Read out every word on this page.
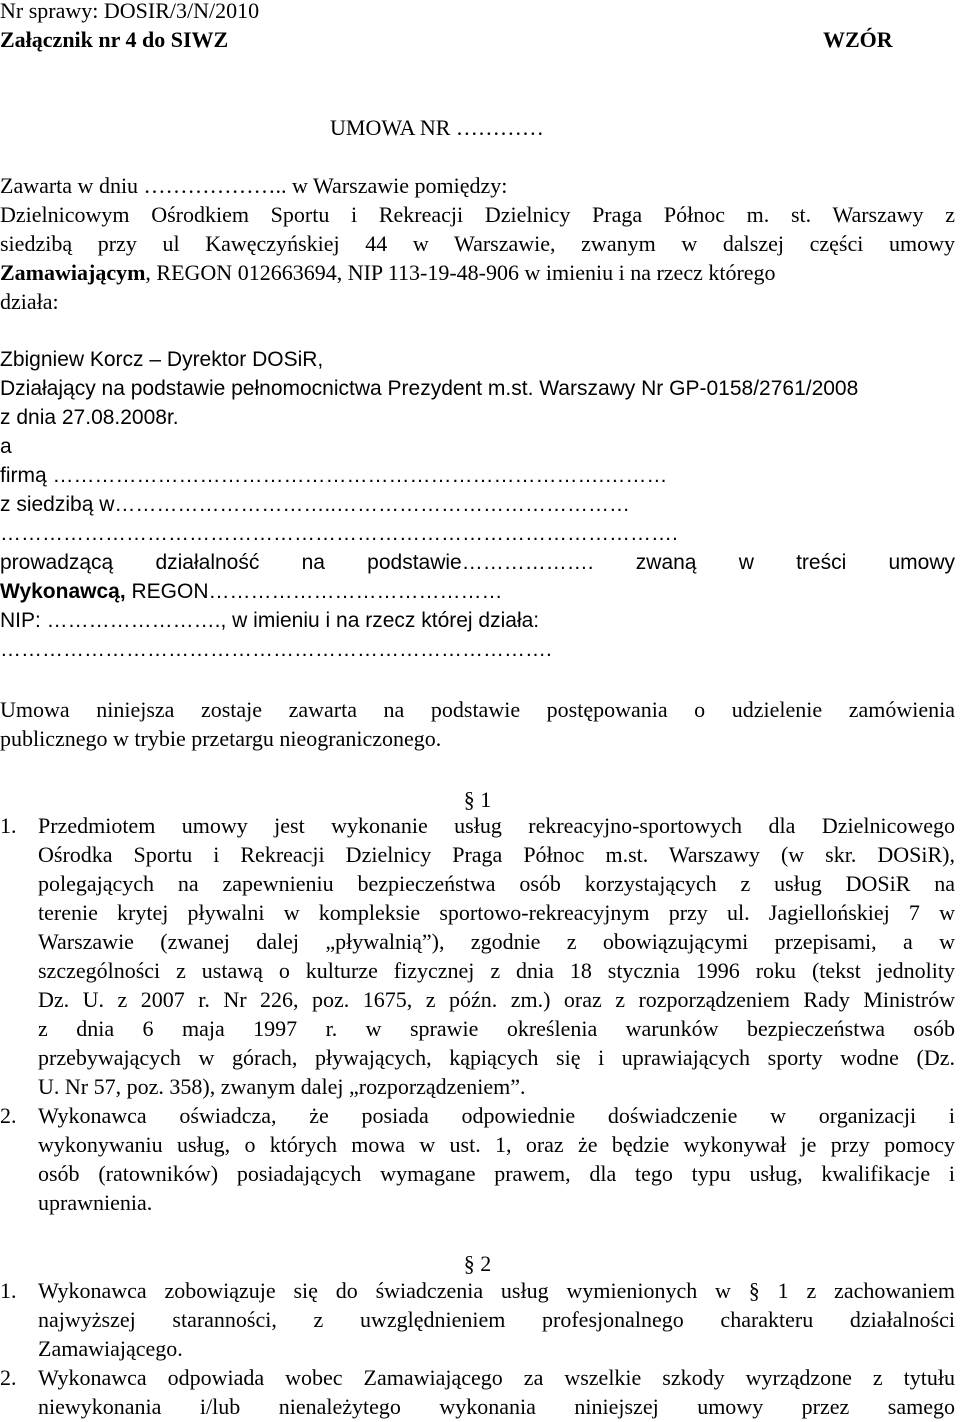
Nr sprawy: DOSIR/3/N/2010
Załącznik nr 4 do SIWZ	WZÓR
UMOWA NR …………
Zawarta w dniu ……………….. w Warszawie pomiędzy:
Dzielnicowym Ośrodkiem Sportu i Rekreacji Dzielnicy Praga Północ m. st. Warszawy z
siedzibą przy ul Kawęczyńskiej 44 w Warszawie, zwanym w dalszej części umowy
Zamawiającym, REGON 012663694, NIP 113-19-48-906 w imieniu i na rzecz którego
działa:
Zbigniew Korcz – Dyrektor DOSiR,
Działający na podstawie pełnomocnictwa Prezydent m.st. Warszawy Nr GP-0158/2761/2008
z dnia 27.08.2008r.
a
firmą …………………………………………………………………….………
z siedzibą w…………………………..……………………………………
…………………………………………………………………………………….
prowadzącą działalność na podstawie………………. zwaną w treści umowy
Wykonawcą, REGON……………………………………
NIP: ……………………., w imieniu i na rzecz której działa:
…………………………………………………………………….
Umowa niniejsza zostaje zawarta na podstawie postępowania o udzielenie zamówienia
publicznego w trybie przetargu nieograniczonego.
§ 1
1. Przedmiotem umowy jest wykonanie usług rekreacyjno-sportowych dla Dzielnicowego
Ośrodka Sportu i Rekreacji Dzielnicy Praga Północ m.st. Warszawy (w skr. DOSiR),
polegających na zapewnieniu bezpieczeństwa osób korzystających z usług DOSiR na
terenie krytej pływalni w kompleksie sportowo-rekreacyjnym przy ul. Jagiellońskiej 7 w
Warszawie (zwanej dalej „pływalnią”), zgodnie z obowiązującymi przepisami, a w
szczególności z ustawą o kulturze fizycznej z dnia 18 stycznia 1996 roku (tekst jednolity
Dz. U. z 2007 r. Nr 226, poz. 1675, z późn. zm.) oraz z rozporządzeniem Rady Ministrów
z dnia 6 maja 1997 r. w sprawie określenia warunków bezpieczeństwa osób
przebywających w górach, pływających, kąpiących się i uprawiających sporty wodne (Dz.
U. Nr 57, poz. 358), zwanym dalej „rozporządzeniem”.
2. Wykonawca oświadcza, że posiada odpowiednie doświadczenie w organizacji i
wykonywaniu usług, o których mowa w ust. 1, oraz że będzie wykonywał je przy pomocy
osób (ratowników) posiadających wymagane prawem, dla tego typu usług, kwalifikacje i
uprawnienia.
§ 2
1. Wykonawca zobowiązuje się do świadczenia usług wymienionych w § 1 z zachowaniem
najwyższej staranności, z uwzględnieniem profesjonalnego charakteru działalności
Zamawiającego.
2. Wykonawca odpowiada wobec Zamawiającego za wszelkie szkody wyrządzone z tytułu
niewykonania i/lub nienależytego wykonania niniejszej umowy przez samego
